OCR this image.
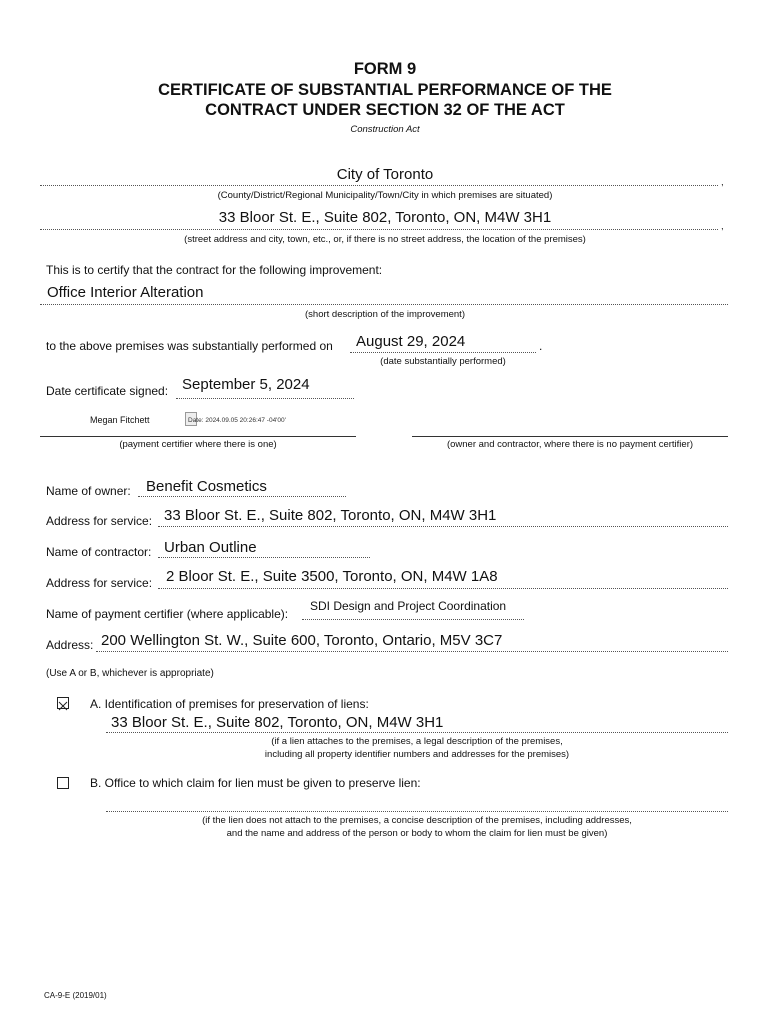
FORM 9
CERTIFICATE OF SUBSTANTIAL PERFORMANCE OF THE
CONTRACT UNDER SECTION 32 OF THE ACT
Construction Act
City of Toronto	,
(County/District/Regional Municipality/Town/City in which premises are situated)
33 Bloor St. E., Suite 802, Toronto, ON, M4W 3H1
,
(street address and city, town, etc., or, if there is no street address, the location of the premises)
This is to certify that the contract for the following improvement:
Office Interior Alteration
(short description of the improvement)
to the above premises was substantially performed on August 29, 2024	.
(date substantially performed)
Date certificate signed: September 5, 2024
Megan Fitchett	Date: 2024.09.05 20:26:47 -04'00'
(payment certifier where there is one)	(owner and contractor, where there is no payment certifier)
Name of owner: Benefit Cosmetics
Address for service: 33 Bloor St. E., Suite 802, Toronto, ON, M4W 3H1
Name of contractor: Urban Outline
Address for service: 2 Bloor St. E., Suite 3500, Toronto, ON, M4W 1A8
Name of payment certifier (where applicable):
SDI Design and Project Coordination
Address: 200 Wellington St. W., Suite 600, Toronto, Ontario, M5V 3C7
(Use A or B, whichever is appropriate)
A. Identification of premises for preservation of liens:
33 Bloor St. E., Suite 802, Toronto, ON, M4W 3H1
(if a lien attaches to the premises, a legal description of the premises,
including all property identifier numbers and addresses for the premises)
B. Office to which claim for lien must be given to preserve lien:
(if the lien does not attach to the premises, a concise description of the premises, including addresses,
and the name and address of the person or body to whom the claim for lien must be given)
CA-9-E (2019/01)
